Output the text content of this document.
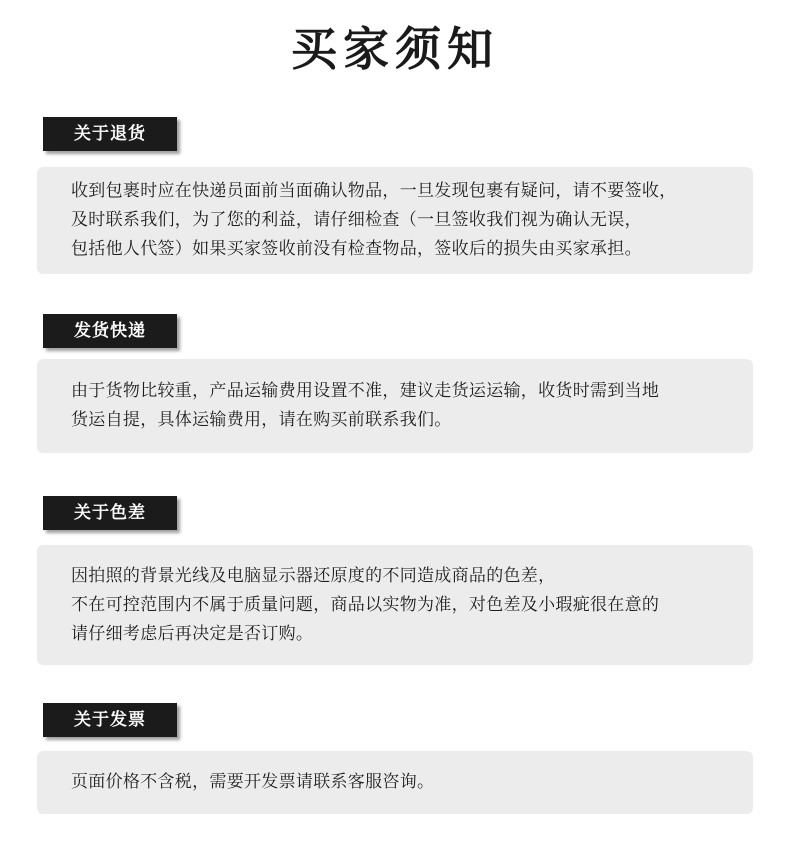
买家须知
关于退货
收到包裹时应在快递员面前当面确认物品，一旦发现包裹有疑问，请不要签收，
及时联系我们，为了您的利益，请仔细检查（一旦签收我们视为确认无误，
包括他人代签）如果买家签收前没有检查物品，签收后的损失由买家承担。
发货快递
由于货物比较重，产品运输费用设置不准，建议走货运运输，收货时需到当地
货运自提，具体运输费用，请在购买前联系我们。
关于色差
因拍照的背景光线及电脑显示器还原度的不同造成商品的色差，
不在可控范围内不属于质量问题，商品以实物为准，对色差及小瑕疵很在意的
请仔细考虑后再决定是否订购。
关于发票
页面价格不含税，需要开发票请联系客服咨询。
